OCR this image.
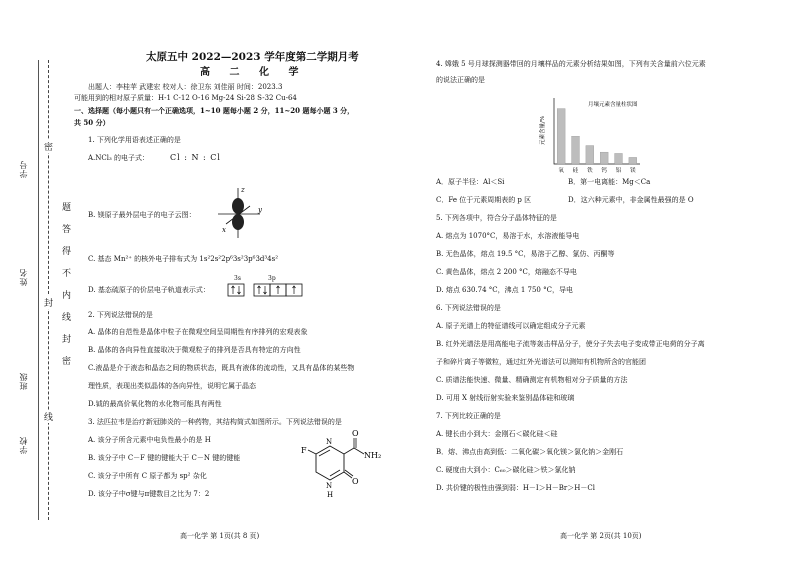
学号
姓名
班级
学校
密
封
线
题
答
得
不
内
线
封
密
太原五中 2022—2023 学年度第二学期月考
高 二 化 学
出题人：李桂苹 武建宏 校对人：徐卫东 刘佳丽 时间：2023.3
可能用到的相对原子质量：H-1 C-12 O-16 Mg-24 Si-28 S-32 Cu-64
一、选择题（每小题只有一个正确选项，1~10 题每小题 2 分，11~20 题每小题 3 分，
共 50 分）
1. 下列化学用语表述正确的是
A.NCl₃ 的电子式：	Cl : N : Cl
B. 镁原子最外层电子的电子云图：
z
y
x
C. 基态 Mn²⁺ 的核外电子排布式为 1s²2s²2p⁶3s²3p⁶3d³4s²
D. 基态硫原子的价层电子轨道表示式：
3s	3p
2. 下列说法错误的是
A. 晶体的自范性是晶体中粒子在微观空间呈周期性有序排列的宏观表象
B. 晶体的各向异性直接取决于微观粒子的排列是否具有特定的方向性
C.液晶是介于液态和晶态之间的物质状态，既具有液体的流动性，又具有晶体的某些物
理性质，表现出类似晶体的各向异性，说明它属于晶态
D.钺的最高价氧化物的水化物可能具有两性
3. 法匹拉韦是治疗新冠肺炎的一种药物，其结构简式如图所示。下列说法错误的是
A. 该分子所含元素中电负性最小的是 H
B. 该分子中 C－F 键的键能大于 C－N 键的键能
C. 该分子中所有 C 原子都为 sp² 杂化
D. 该分子中σ键与π键数目之比为 7：2
F
N
N
H
O
O
NH₂
高一化学 第 1页(共 8 页)
4. 嫦娥 5 号月球探测器带回的月壤样品的元素分析结果如图，下列有关含量前六位元素
的说法正确的是
氧 硅 铁 钙 铝 镁
月壤元素含量柱状图
元素含量/%
A．原子半径：Al＜Si	B．第一电离能：Mg＜Ca
C．Fe 位于元素周期表的 p 区	D．这六种元素中，非金属性最强的是 O
5. 下列各项中，符合分子晶体特征的是
A. 熔点为 1070°C，易溶于水，水溶液能导电
B. 无色晶体，熔点 19.5 °C，易溶于乙醇、氯仿、丙酮等
C. 黄色晶体，熔点 2 200 °C，熔融态不导电
D. 熔点 630.74 °C，沸点 1 750 °C，导电
6. 下列说法错误的是
A. 原子光谱上的特征谱线可以确定组成分子元素
B. 红外光谱法是用高能电子流等轰击样品分子，使分子失去电子变成带正电荷的分子离
子和碎片离子等微粒，通过红外光谱法可以测知有机物所含的官能团
C. 质谱法能快速、微量、精确测定有机物相对分子质量的方法
D. 可用 X 射线衍射实验来鉴别晶体硅和玻璃
7. 下列比较正确的是
A. 键长由小到大：金刚石＜碳化硅＜硅
B．熔、沸点由高到低：二氧化碳＞氧化镁＞氯化钠＞金刚石
C. 硬度由大到小：C₆₀＞碳化硅＞铁＞氯化钠
D. 共价键的极性由强到弱：H－I＞H－Br＞H－Cl
高一化学 第 2页(共 10页)
